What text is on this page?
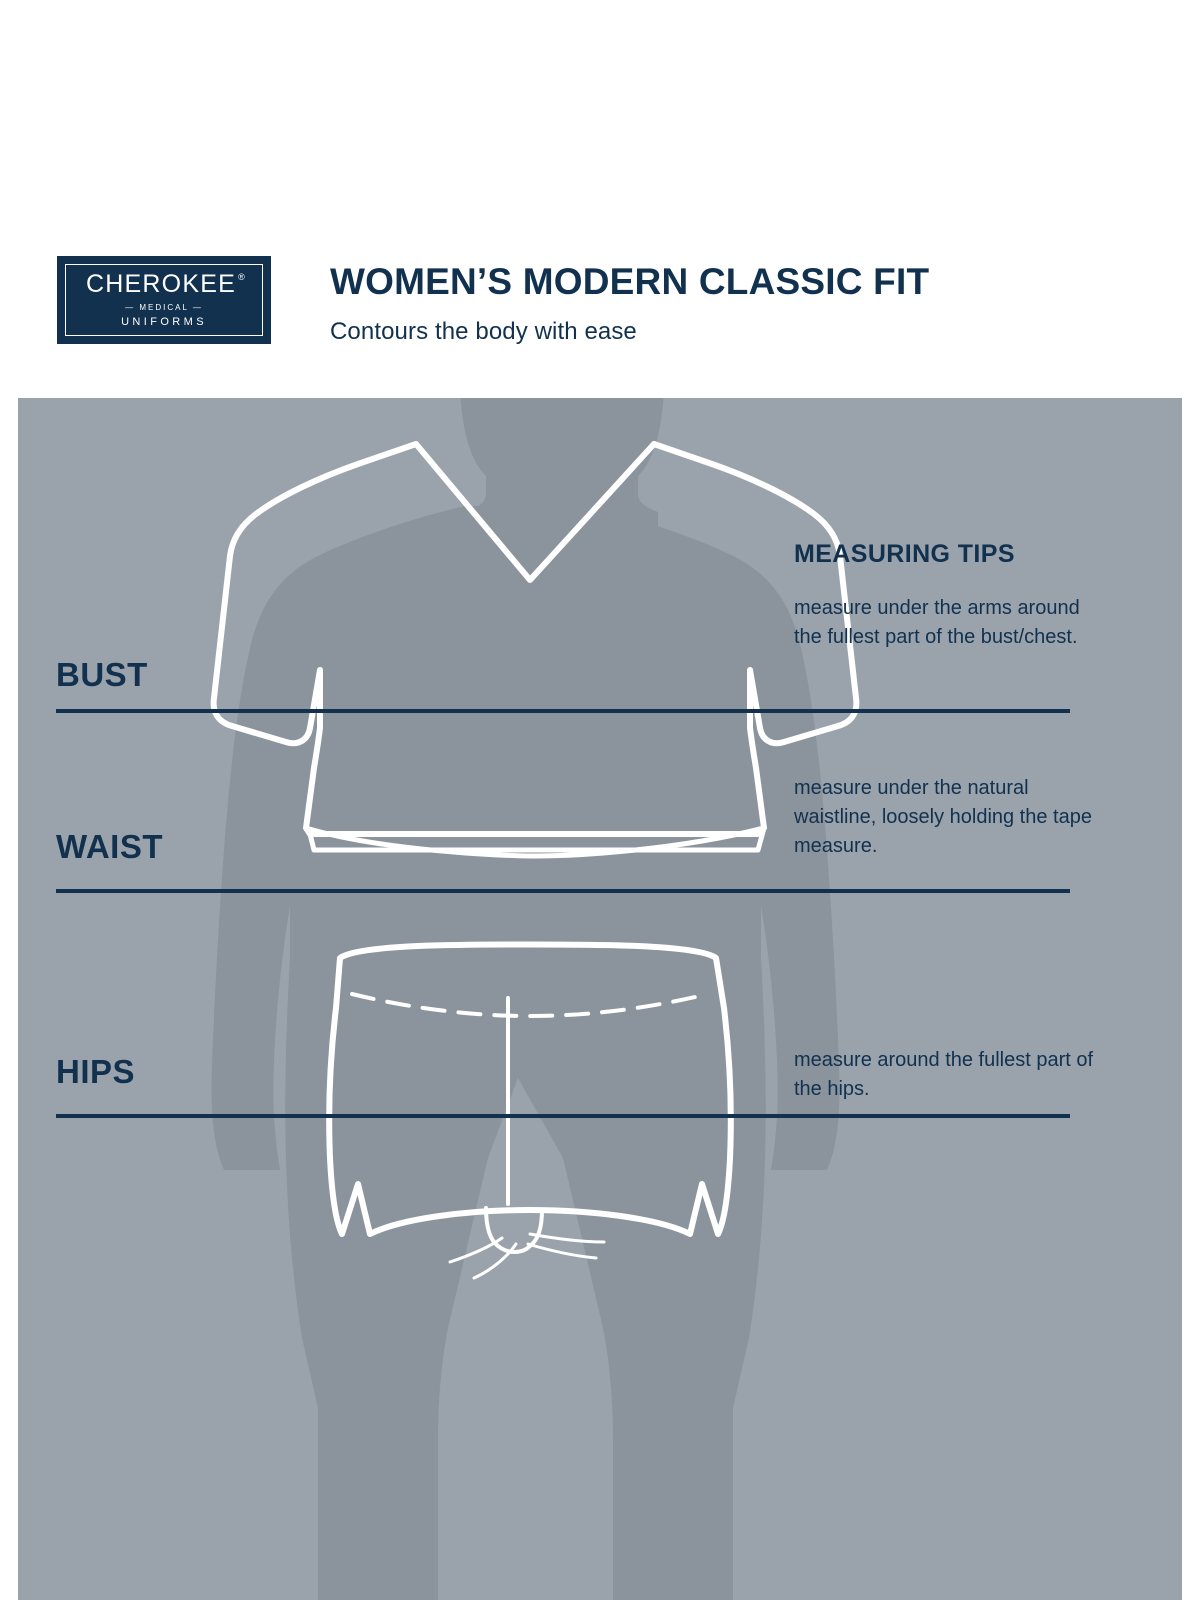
CHEROKEE ®
— MEDICAL —
UNIFORMS
WOMEN’S MODERN CLASSIC FIT
Contours the body with ease
BUST
WAIST
HIPS
MEASURING TIPS
measure under the arms around the fullest part of the bust/chest.
measure under the natural waistline, loosely holding the tape measure.
measure around the fullest part of the hips.
